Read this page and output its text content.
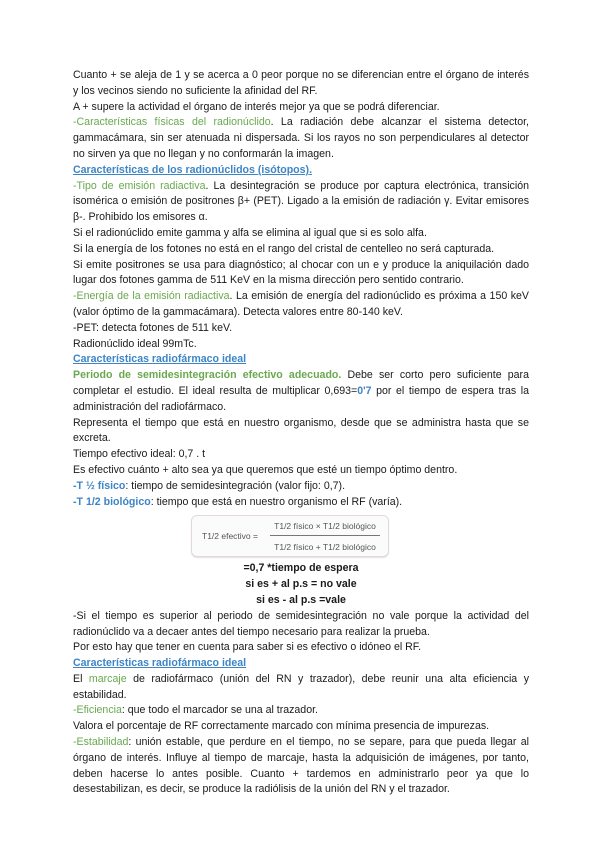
Cuanto + se aleja de 1 y se acerca a 0 peor porque no se diferencian entre el órgano de interés y los vecinos siendo no suficiente la afinidad del RF.

A + supere la actividad el órgano de interés mejor ya que se podrá diferenciar.

-Características físicas del radionúclido. La radiación debe alcanzar el sistema detector, gammacámara, sin ser atenuada ni dispersada. Si los rayos no son perpendiculares al detector no sirven ya que no llegan y no conformarán la imagen.

Características de los radionúclidos (isótopos).

-Tipo de emisión radiactiva. La desintegración se produce por captura electrónica, transición isomérica o emisión de positrones β+ (PET). Ligado a la emisión de radiación γ. Evitar emisores β-. Prohibido los emisores α.

Si el radionúclido emite gamma y alfa se elimina al igual que si es solo alfa.

Si la energía de los fotones no está en el rango del cristal de centelleo no será capturada.

Si emite positrones se usa para diagnóstico; al chocar con un e y produce la aniquilación dado lugar dos fotones gamma de 511 KeV en la misma dirección pero sentido contrario.

-Energía de la emisión radiactiva. La emisión de energía del radionúclido es próxima a 150 keV (valor óptimo de la gammacámara). Detecta valores entre 80-140 keV.

-PET: detecta fotones de 511 keV.

Radionúclido ideal 99mTc.

Características radiofármaco ideal

Periodo de semidesintegración efectivo adecuado. Debe ser corto pero suficiente para completar el estudio. El ideal resulta de multiplicar 0,693=0'7 por el tiempo de espera tras la administración del radiofármaco.

Representa el tiempo que está en nuestro organismo, desde que se administra hasta que se excreta.

Tiempo efectivo ideal: 0,7 . t

Es efectivo cuánto + alto sea ya que queremos que esté un tiempo óptimo dentro.

-T ½ físico: tiempo de semidesintegración (valor fijo: 0,7).

-T 1/2 biológico: tiempo que está en nuestro organismo el RF (varía).

T1/2 efectivo =
T1/2 físico × T1/2 biológico
T1/2 físico + T1/2 biológico

=0,7 *tiempo de espera

si es + al p.s = no vale

si es - al p.s =vale

-Si el tiempo es superior al periodo de semidesintegración no vale porque la actividad del radionúclido va a decaer antes del tiempo necesario para realizar la prueba.

Por esto hay que tener en cuenta para saber si es efectivo o idóneo el RF.

Características radiofármaco ideal

El marcaje de radiofármaco (unión del RN y trazador), debe reunir una alta eficiencia y estabilidad.

-Eficiencia: que todo el marcador se una al trazador.

Valora el porcentaje de RF correctamente marcado con mínima presencia de impurezas.

-Estabilidad: unión estable, que perdure en el tiempo, no se separe, para que pueda llegar al órgano de interés. Influye al tiempo de marcaje, hasta la adquisición de imágenes, por tanto, deben hacerse lo antes posible. Cuanto + tardemos en administrarlo peor ya que lo desestabilizan, es decir, se produce la radiólisis de la unión del RN y el trazador.
